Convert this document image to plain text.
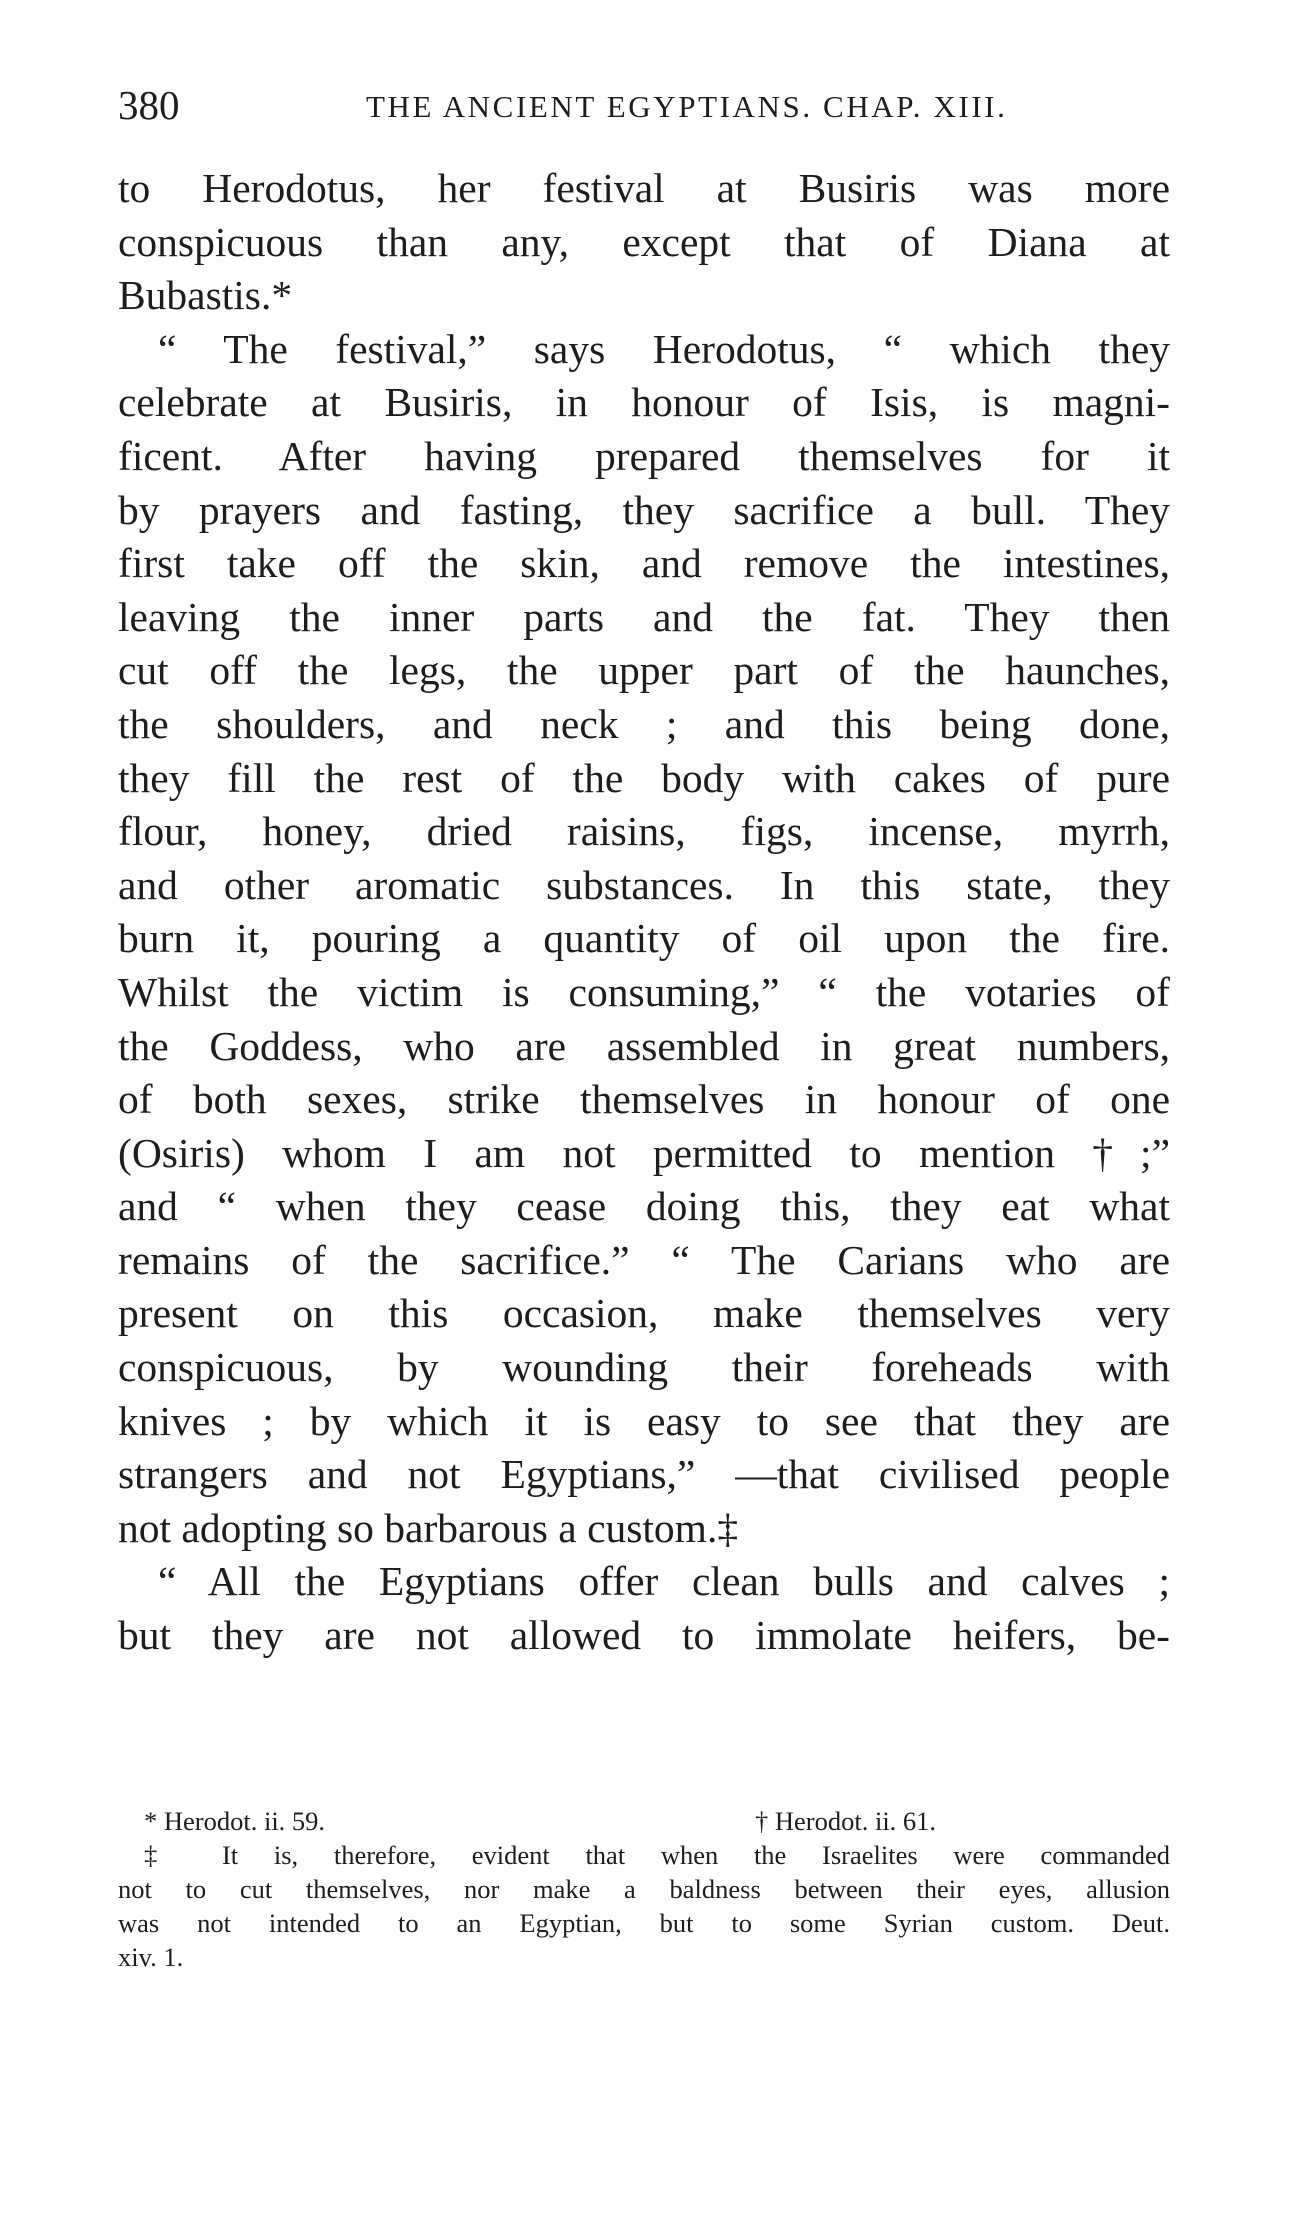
380	THE ANCIENT EGYPTIANS. CHAP. XIII.
to Herodotus, her festival at Busiris was more
conspicuous than any, except that of Diana at
Bubastis.*
“ The festival,” says Herodotus, “ which they
celebrate at Busiris, in honour of Isis, is magni-
ficent. After having prepared themselves for it
by prayers and fasting, they sacrifice a bull. They
first take off the skin, and remove the intestines,
leaving the inner parts and the fat. They then
cut off the legs, the upper part of the haunches,
the shoulders, and neck ; and this being done,
they fill the rest of the body with cakes of pure
flour, honey, dried raisins, figs, incense, myrrh,
and other aromatic substances. In this state, they
burn it, pouring a quantity of oil upon the fire.
Whilst the victim is consuming,” “ the votaries of
the Goddess, who are assembled in great numbers,
of both sexes, strike themselves in honour of one
(Osiris) whom I am not permitted to mention †;”
and “ when they cease doing this, they eat what
remains of the sacrifice.” “ The Carians who are
present on this occasion, make themselves very
conspicuous, by wounding their foreheads with
knives ; by which it is easy to see that they are
strangers and not Egyptians,” —that civilised people
not adopting so barbarous a custom.‡
“ All the Egyptians offer clean bulls and calves ;
but they are not allowed to immolate heifers, be-
* Herodot. ii. 59.	† Herodot. ii. 61.
‡ It is, therefore, evident that when the Israelites were commanded
not to cut themselves, nor make a baldness between their eyes, allusion
was not intended to an Egyptian, but to some Syrian custom. Deut.
xiv. 1.
